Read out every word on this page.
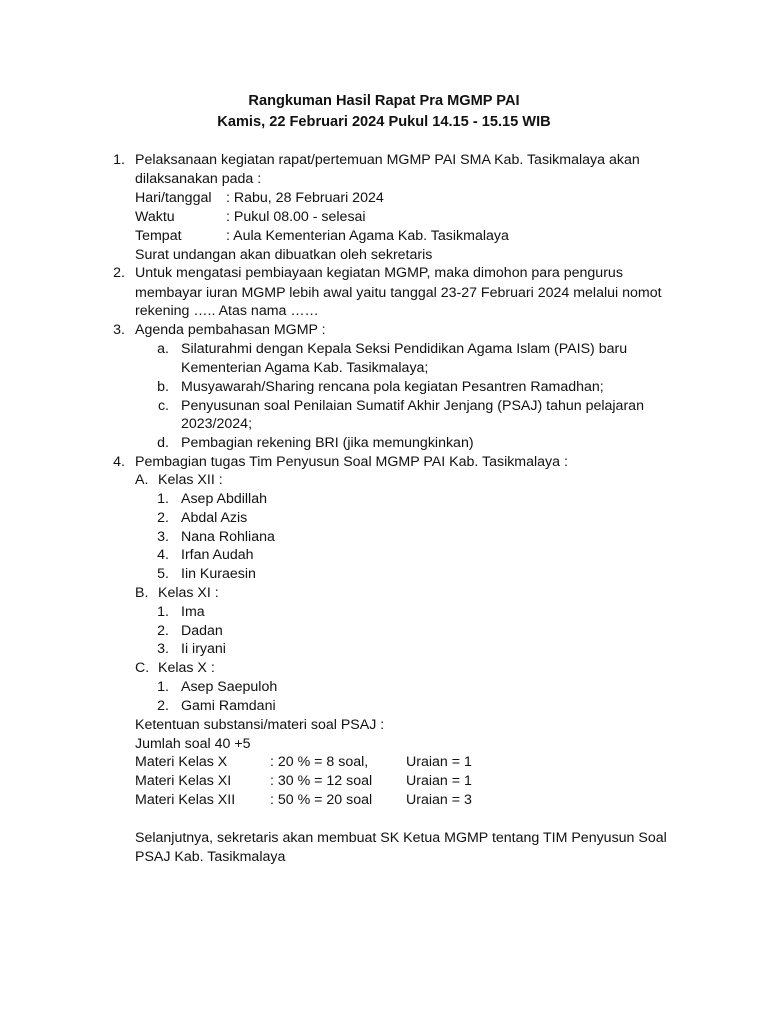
Rangkuman Hasil Rapat Pra MGMP PAI
Kamis, 22 Februari 2024 Pukul 14.15 - 15.15 WIB
1. Pelaksanaan kegiatan rapat/pertemuan MGMP PAI SMA Kab. Tasikmalaya akan
dilaksanakan pada :
Hari/tanggal : Rabu, 28 Februari 2024
Waktu	: Pukul 08.00 - selesai
Tempat	: Aula Kementerian Agama Kab. Tasikmalaya
Surat undangan akan dibuatkan oleh sekretaris
2. Untuk mengatasi pembiayaan kegiatan MGMP, maka dimohon para pengurus
membayar iuran MGMP lebih awal yaitu tanggal 23-27 Februari 2024 melalui nomot
rekening ….. Atas nama ……
3. Agenda pembahasan MGMP :
a. Silaturahmi dengan Kepala Seksi Pendidikan Agama Islam (PAIS) baru
Kementerian Agama Kab. Tasikmalaya;
b. Musyawarah/Sharing rencana pola kegiatan Pesantren Ramadhan;
c. Penyusunan soal Penilaian Sumatif Akhir Jenjang (PSAJ) tahun pelajaran
2023/2024;
d. Pembagian rekening BRI (jika memungkinkan)
4. Pembagian tugas Tim Penyusun Soal MGMP PAI Kab. Tasikmalaya :
A. Kelas XII :
1. Asep Abdillah
2. Abdal Azis
3. Nana Rohliana
4. Irfan Audah
5. Iin Kuraesin
B. Kelas XI :
1. Ima
2. Dadan
3. Ii iryani
C. Kelas X :
1. Asep Saepuloh
2. Gami Ramdani
Ketentuan substansi/materi soal PSAJ :
Jumlah soal 40 +5
Materi Kelas X	: 20 % = 8 soal,	Uraian = 1
Materi Kelas XI	: 30 % = 12 soal Uraian = 1
Materi Kelas XII : 50 % = 20 soal Uraian = 3
Selanjutnya, sekretaris akan membuat SK Ketua MGMP tentang TIM Penyusun Soal
PSAJ Kab. Tasikmalaya
